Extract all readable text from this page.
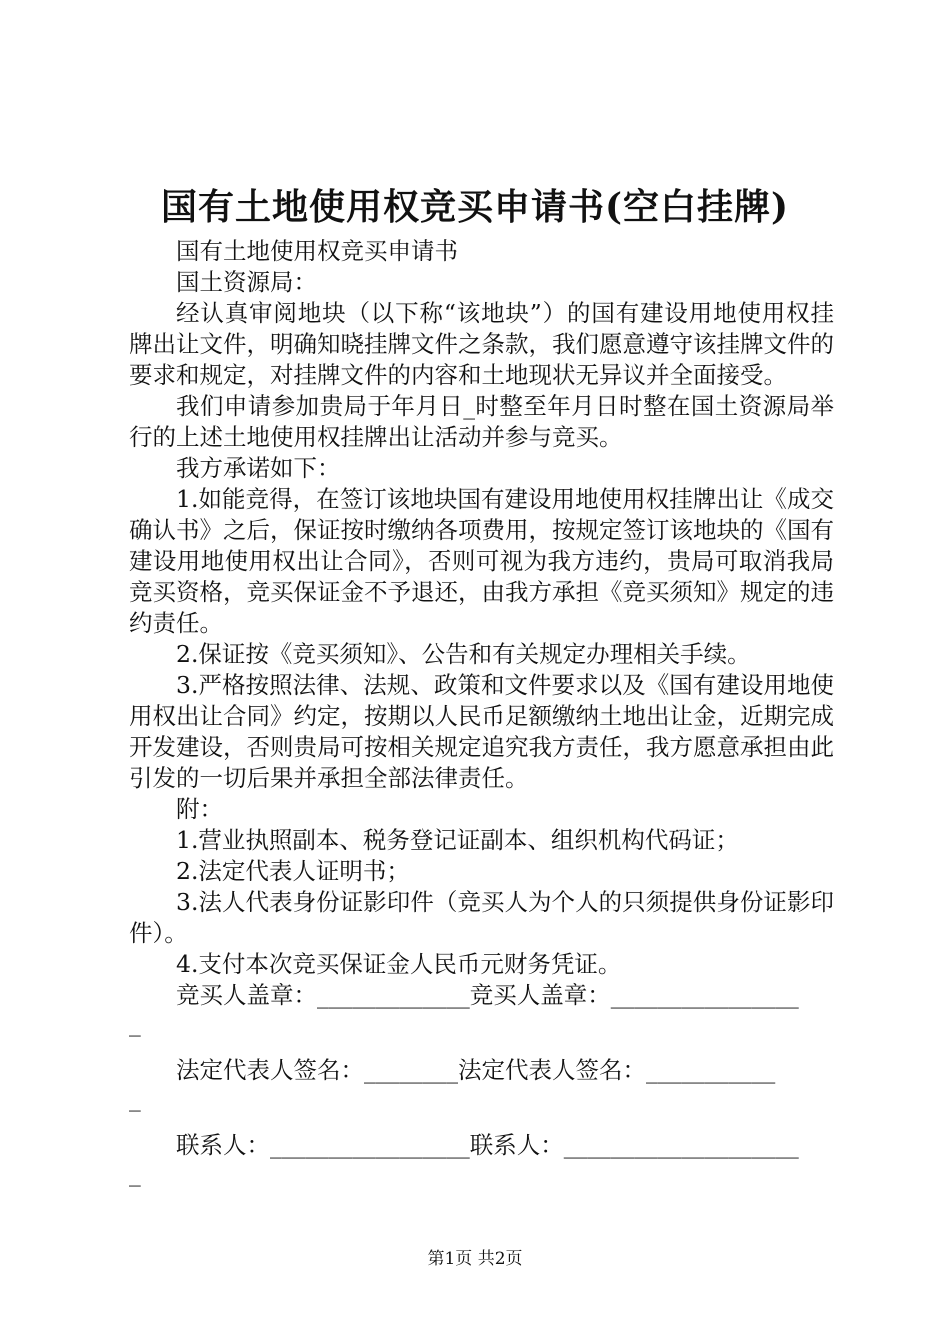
国有土地使用权竞买申请书(空白挂牌)

国有土地使用权竞买申请书

国土资源局：

经认真审阅地块（以下称“该地块”）的国有建设用地使用权挂牌出让文件，明确知晓挂牌文件之条款，我们愿意遵守该挂牌文件的要求和规定，对挂牌文件的内容和土地现状无异议并全面接受。

我们申请参加贵局于年月日_时整至年月日时整在国土资源局举行的上述土地使用权挂牌出让活动并参与竞买。

我方承诺如下：

1.如能竞得，在签订该地块国有建设用地使用权挂牌出让《成交确认书》之后，保证按时缴纳各项费用，按规定签订该地块的《国有建设用地使用权出让合同》，否则可视为我方违约，贵局可取消我局竞买资格，竞买保证金不予退还，由我方承担《竞买须知》规定的违约责任。

2.保证按《竞买须知》、公告和有关规定办理相关手续。

3.严格按照法律、法规、政策和文件要求以及《国有建设用地使用权出让合同》约定，按期以人民币足额缴纳土地出让金，近期完成开发建设，否则贵局可按相关规定追究我方责任，我方愿意承担由此引发的一切后果并承担全部法律责任。

附：

1.营业执照副本、税务登记证副本、组织机构代码证；

2.法定代表人证明书；

3.法人代表身份证影印件（竞买人为个人的只须提供身份证影印件）。

4.支付本次竞买保证金人民币元财务凭证。

竞买人盖章：_____________竞买人盖章：________________

_

法定代表人签名：________法定代表人签名：___________

_

联系人：_________________联系人：____________________

_

第1页 共2页
